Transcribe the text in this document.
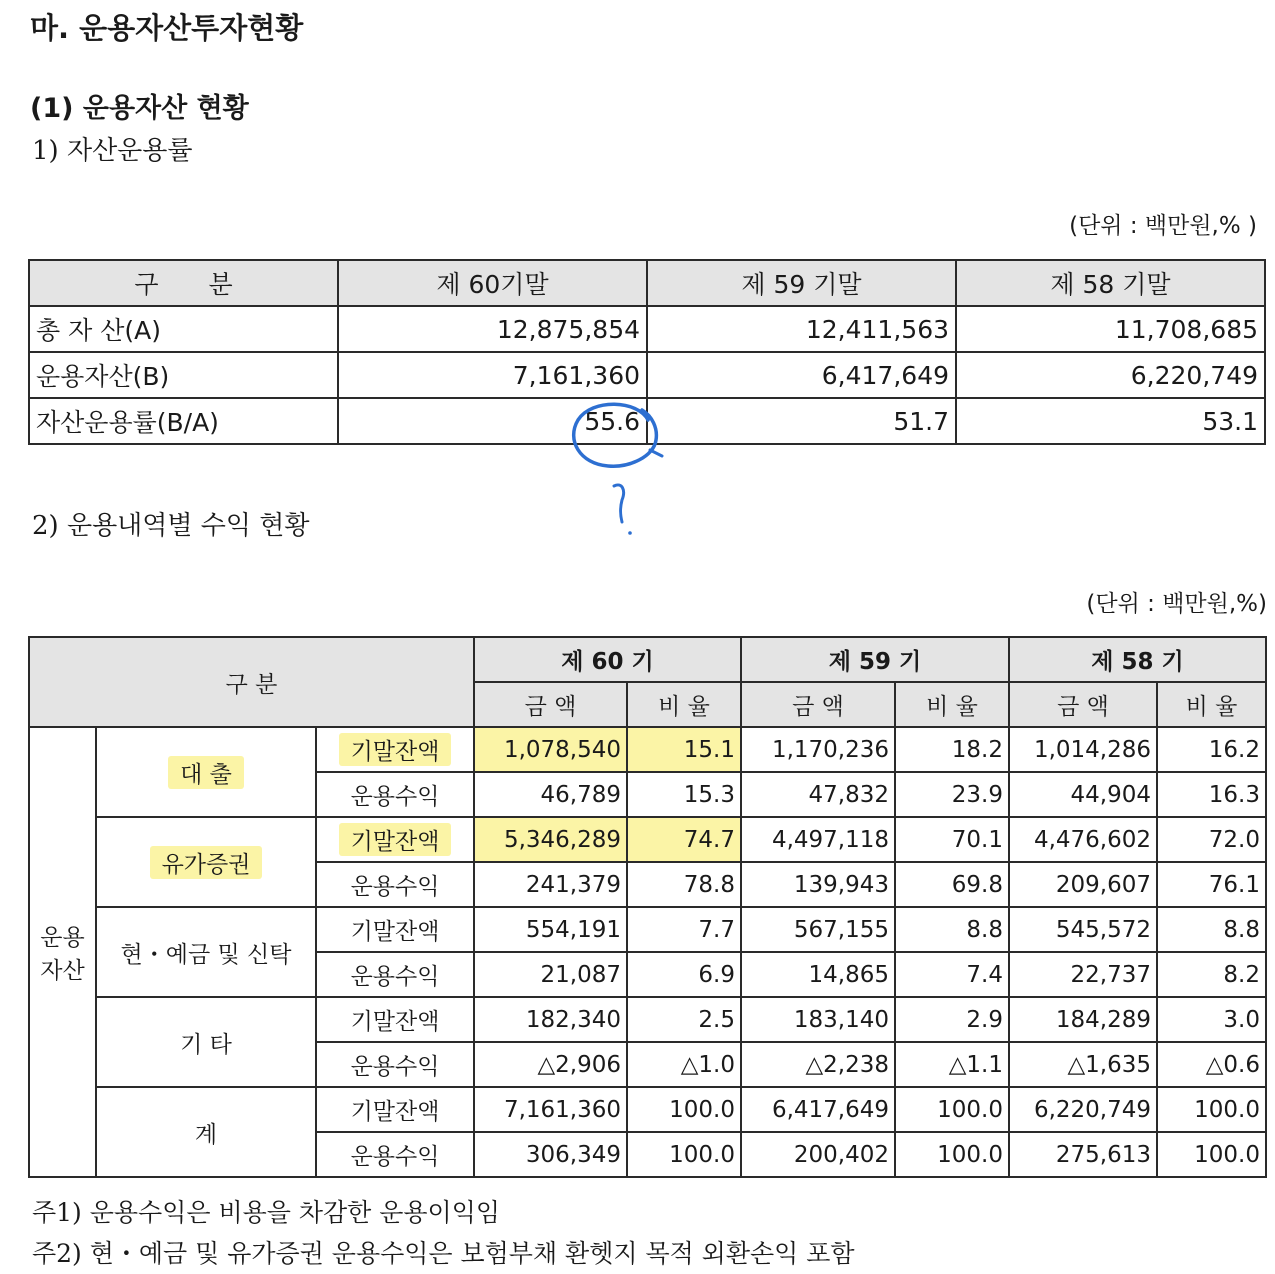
마. 운용자산투자현황
(1) 운용자산 현황
1) 자산운용률
(단위 : 백만원,% )
구　　분	제 60기말	제 59 기말	제 58 기말
총 자 산(A)	12,875,854	12,411,563	11,708,685
운용자산(B)	7,161,360	6,417,649	6,220,749
자산운용률(B/A)	55.6	51.7	53.1
2) 운용내역별 수익 현황
(단위 : 백만원,%)
구 분			제 60 기		제 59 기		제 58 기	
			금 액	비 율	금 액	비 율	금 액	비 율

운용
자산	대 출	기말잔액	1,078,540	15.1	1,170,236	18.2	1,014,286	16.2
		운용수익	46,789	15.3	47,832	23.9	44,904	16.3
	유가증권	기말잔액	5,346,289	74.7	4,497,118	70.1	4,476,602	72.0
		운용수익	241,379	78.8	139,943	69.8	209,607	76.1
	현・예금 및 신탁	기말잔액	554,191	7.7	567,155	8.8	545,572	8.8
		운용수익	21,087	6.9	14,865	7.4	22,737	8.2
	기 타	기말잔액	182,340	2.5	183,140	2.9	184,289	3.0
		운용수익	△2,906	△1.0	△2,238	△1.1	△1,635	△0.6
	계	기말잔액	7,161,360	100.0	6,417,649	100.0	6,220,749	100.0
		운용수익	306,349	100.0	200,402	100.0	275,613	100.0
주1) 운용수익은 비용을 차감한 운용이익임
주2) 현・예금 및 유가증권 운용수익은 보험부채 환헷지 목적 외환손익 포함
